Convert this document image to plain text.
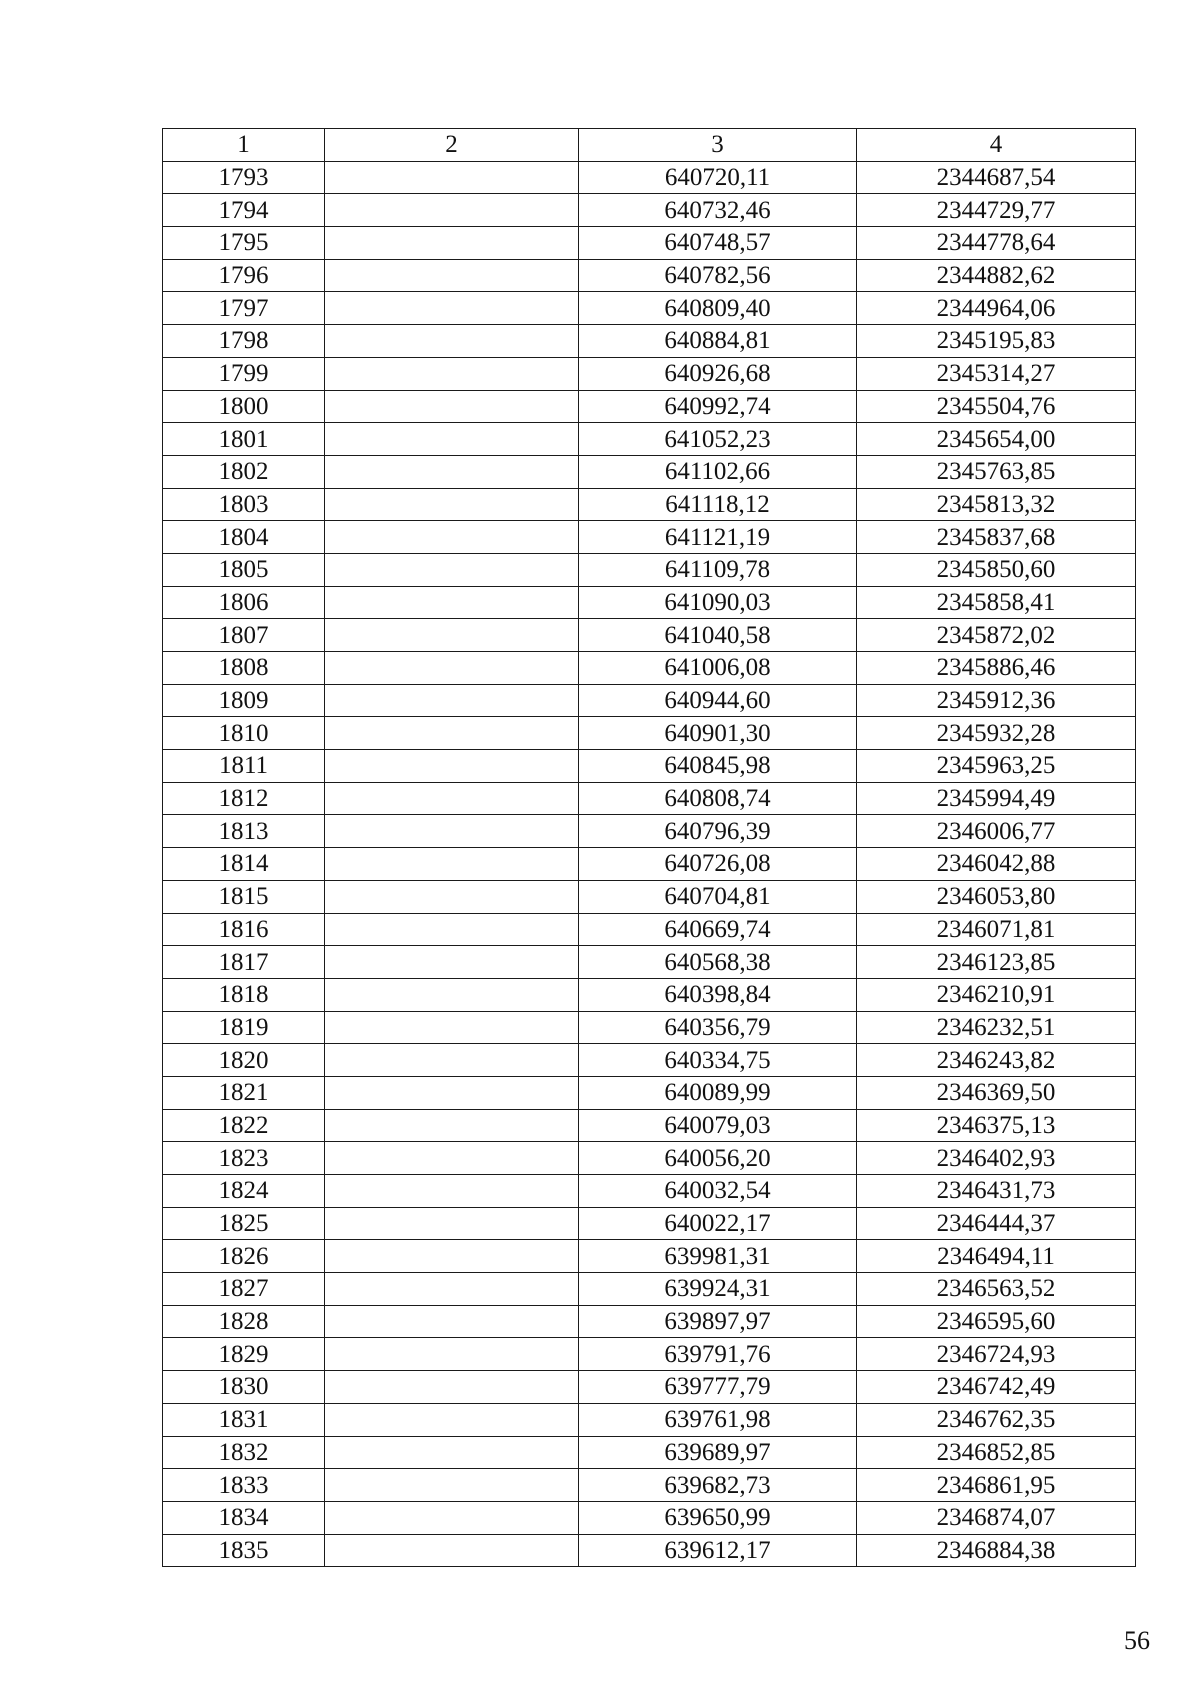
1	2	3	4
1793		640720,11	2344687,54
1794		640732,46	2344729,77
1795		640748,57	2344778,64
1796		640782,56	2344882,62
1797		640809,40	2344964,06
1798		640884,81	2345195,83
1799		640926,68	2345314,27
1800		640992,74	2345504,76
1801		641052,23	2345654,00
1802		641102,66	2345763,85
1803		641118,12	2345813,32
1804		641121,19	2345837,68
1805		641109,78	2345850,60
1806		641090,03	2345858,41
1807		641040,58	2345872,02
1808		641006,08	2345886,46
1809		640944,60	2345912,36
1810		640901,30	2345932,28
1811		640845,98	2345963,25
1812		640808,74	2345994,49
1813		640796,39	2346006,77
1814		640726,08	2346042,88
1815		640704,81	2346053,80
1816		640669,74	2346071,81
1817		640568,38	2346123,85
1818		640398,84	2346210,91
1819		640356,79	2346232,51
1820		640334,75	2346243,82
1821		640089,99	2346369,50
1822		640079,03	2346375,13
1823		640056,20	2346402,93
1824		640032,54	2346431,73
1825		640022,17	2346444,37
1826		639981,31	2346494,11
1827		639924,31	2346563,52
1828		639897,97	2346595,60
1829		639791,76	2346724,93
1830		639777,79	2346742,49
1831		639761,98	2346762,35
1832		639689,97	2346852,85
1833		639682,73	2346861,95
1834		639650,99	2346874,07
1835		639612,17	2346884,38
56
